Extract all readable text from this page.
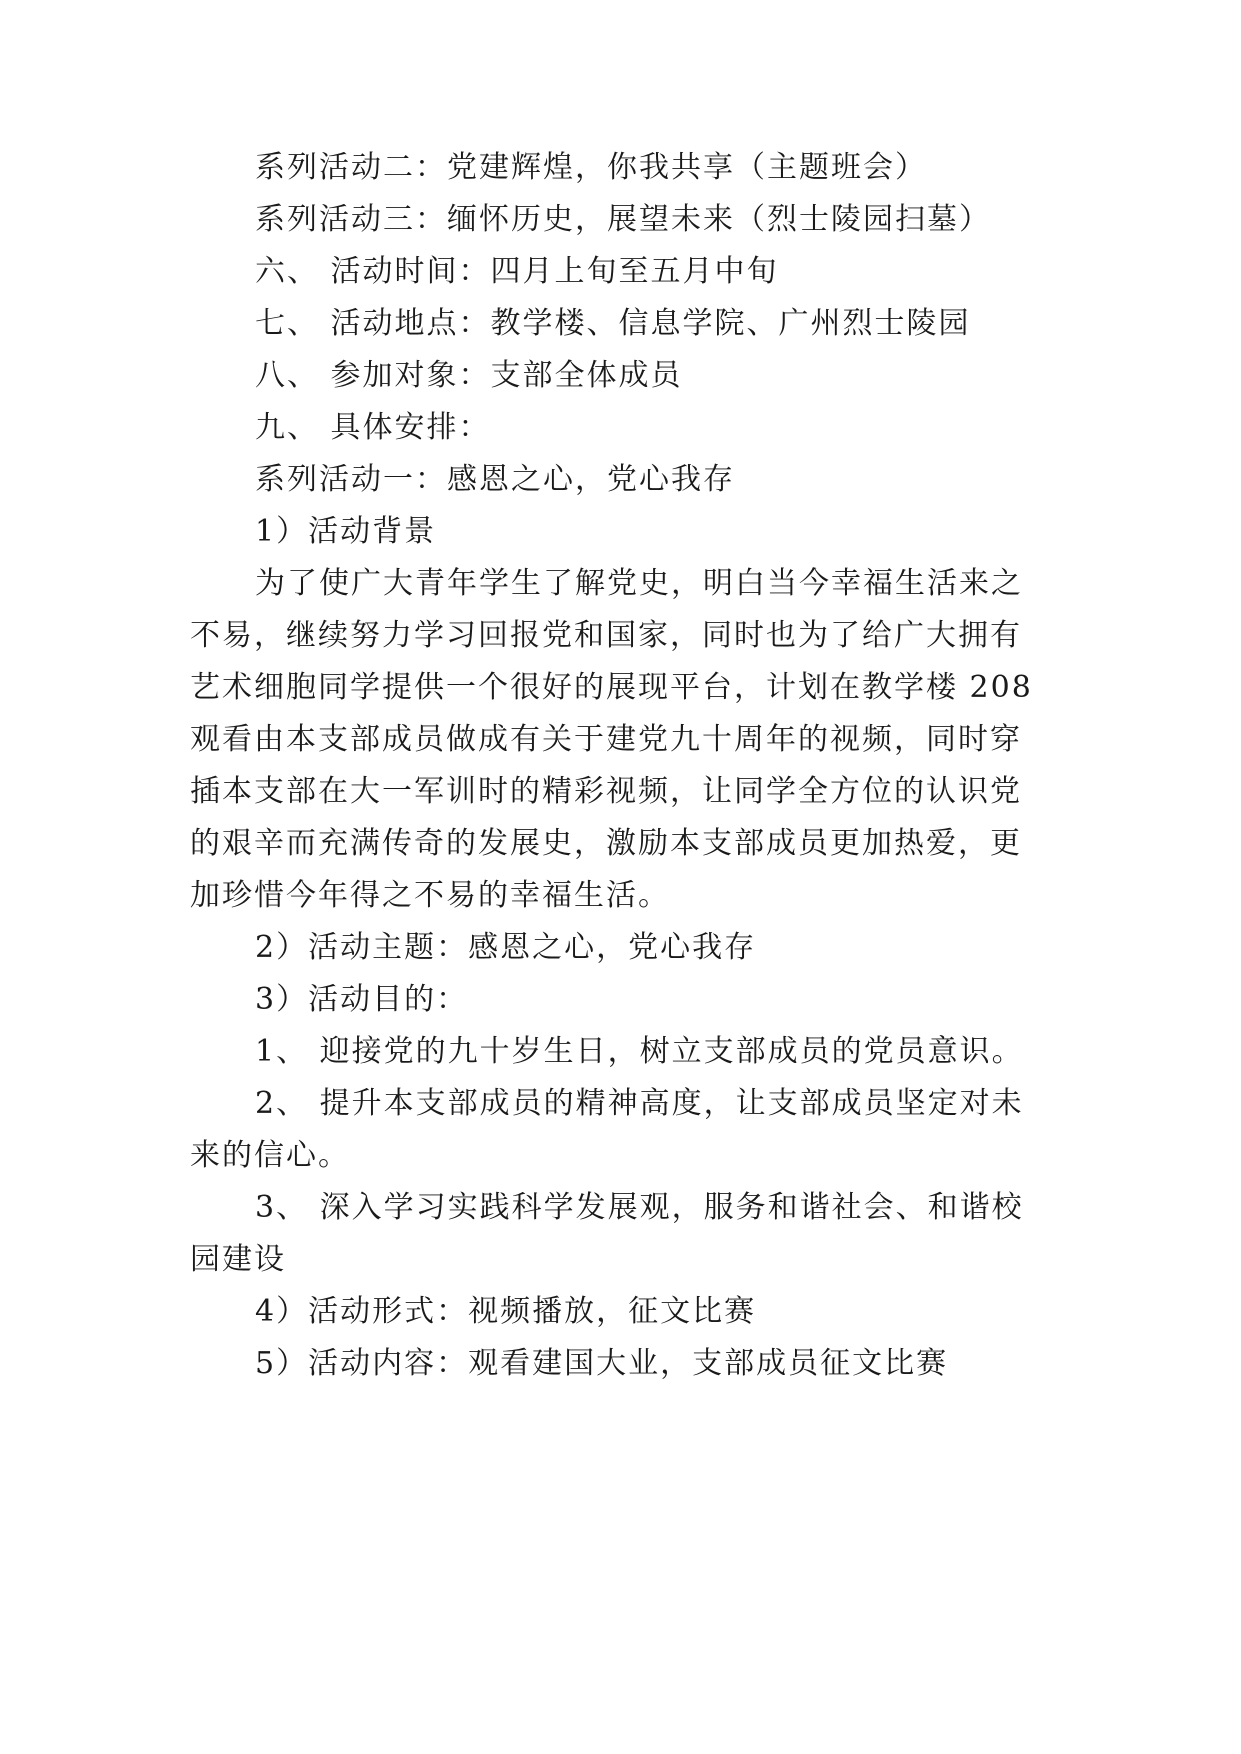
系列活动二：党建辉煌，你我共享（主题班会）
系列活动三：缅怀历史，展望未来（烈士陵园扫墓）
六、 活动时间：四月上旬至五月中旬
七、 活动地点：教学楼、信息学院、广州烈士陵园
八、 参加对象：支部全体成员
九、 具体安排：
系列活动一：感恩之心，党心我存
1）活动背景
为了使广大青年学生了解党史，明白当今幸福生活来之
不易，继续努力学习回报党和国家，同时也为了给广大拥有
艺术细胞同学提供一个很好的展现平台，计划在教学楼 208
观看由本支部成员做成有关于建党九十周年的视频，同时穿
插本支部在大一军训时的精彩视频，让同学全方位的认识党
的艰辛而充满传奇的发展史，激励本支部成员更加热爱，更
加珍惜今年得之不易的幸福生活。
2）活动主题：感恩之心，党心我存
3）活动目的：
1、 迎接党的九十岁生日，树立支部成员的党员意识。
2、 提升本支部成员的精神高度，让支部成员坚定对未
来的信心。
3、 深入学习实践科学发展观，服务和谐社会、和谐校
园建设
4）活动形式：视频播放，征文比赛
5）活动内容：观看建国大业，支部成员征文比赛
